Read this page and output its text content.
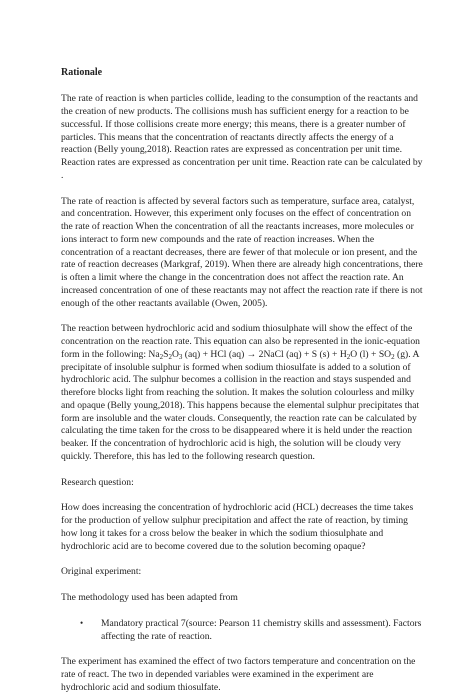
Rationale

The rate of reaction is when particles collide, leading to the consumption of the reactants and the creation of new products. The collisions mush has sufficient energy for a reaction to be successful. If those collisions create more energy; this means, there is a greater number of particles. This means that the concentration of reactants directly affects the energy of a reaction (Belly young,2018). Reaction rates are expressed as concentration per unit time. Reaction rates are expressed as concentration per unit time. Reaction rate can be calculated by .

The rate of reaction is affected by several factors such as temperature, surface area, catalyst, and concentration. However, this experiment only focuses on the effect of concentration on the rate of reaction When the concentration of all the reactants increases, more molecules or ions interact to form new compounds and the rate of reaction increases. When the concentration of a reactant decreases, there are fewer of that molecule or ion present, and the rate of reaction decreases (Markgraf, 2019). When there are already high concentrations, there is often a limit where the change in the concentration does not affect the reaction rate. An increased concentration of one of these reactants may not affect the reaction rate if there is not enough of the other reactants available (Owen, 2005).

The reaction between hydrochloric acid and sodium thiosulphate will show the effect of the concentration on the reaction rate. This equation can also be represented in the ionic-equation form in the following: $Na_2S_2O_3$ (aq) + HCl (aq) → 2NaCl (aq) + S $(s) + H_2O$ $(l) + SO_2$ (g). A precipitate of insoluble sulphur is formed when sodium thiosulfate is added to a solution of hydrochloric acid. The sulphur becomes a collision in the reaction and stays suspended and therefore blocks light from reaching the solution. It makes the solution colourless and milky and opaque (Belly young,2018). This happens because the elemental sulphur precipitates that form are insoluble and the water clouds. Consequently, the reaction rate can be calculated by calculating the time taken for the cross to be disappeared where it is held under the reaction beaker. If the concentration of hydrochloric acid is high, the solution will be cloudy very quickly. Therefore, this has led to the following research question.

Research question:

How does increasing the concentration of hydrochloric acid (HCL) decreases the time takes for the production of yellow sulphur precipitation and affect the rate of reaction, by timing how long it takes for a cross below the beaker in which the sodium thiosulphate and hydrochloric acid are to become covered due to the solution becoming opaque?

Original experiment:
The methodology used has been adapted from
• Mandatory practical 7(source: Pearson 11 chemistry skills and assessment). Factors affecting the rate of reaction.

The experiment has examined the effect of two factors temperature and concentration on the rate of react. The two in depended variables were examined in the experiment are hydrochloric acid and sodium thiosulfate.
